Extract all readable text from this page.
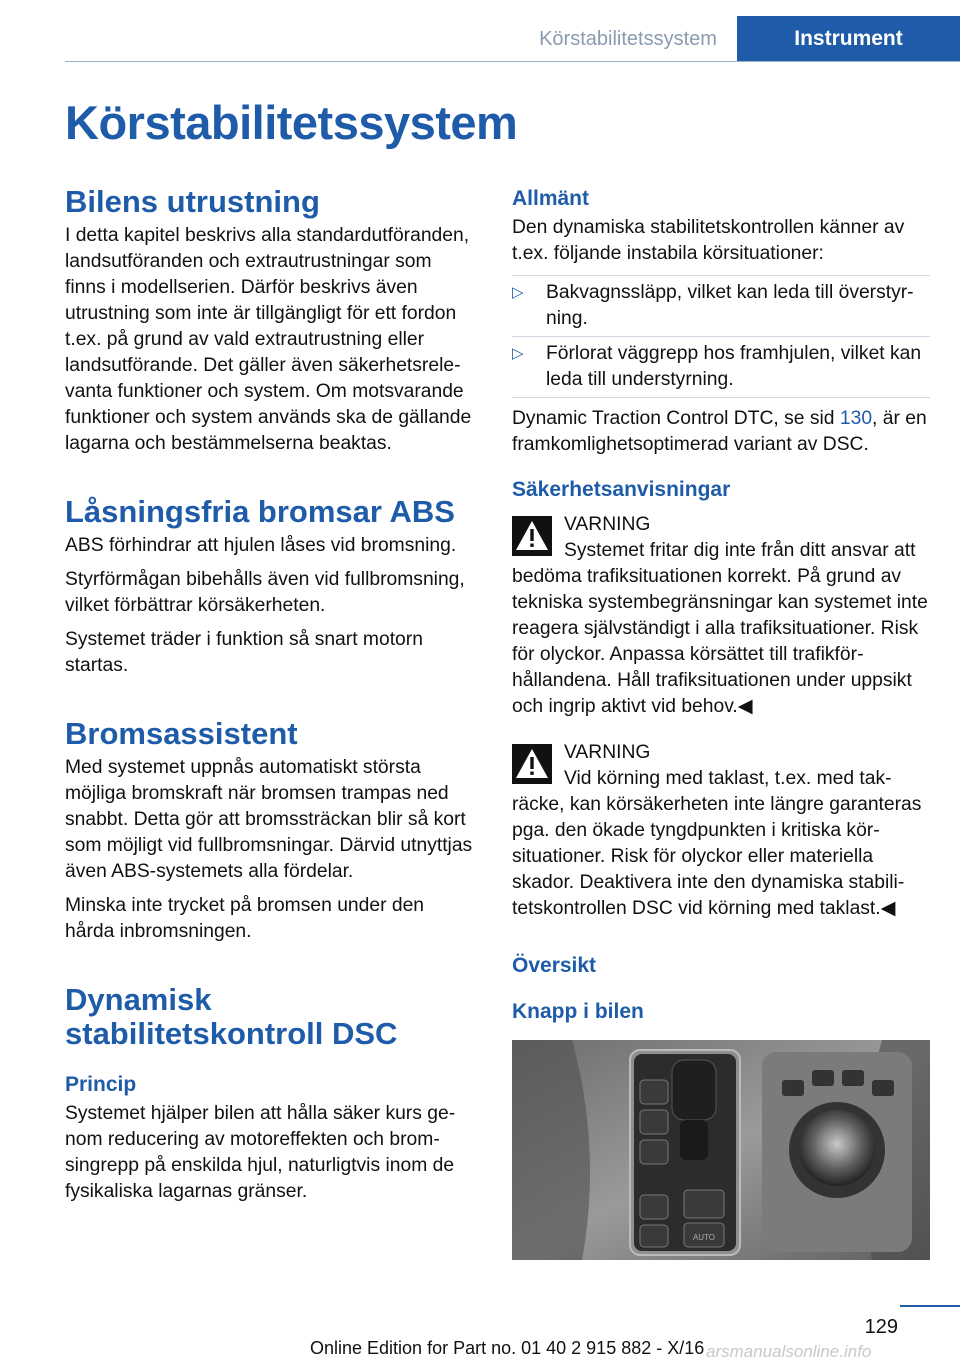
Körstabilitetssystem	Instrument
Körstabilitetssystem
Bilens utrustning

I detta kapitel beskrivs alla standardutföranden, landsutföranden och extrautrustningar som finns i modellserien. Därför beskrivs även utrustning som inte är tillgängligt för ett fordon t.ex. på grund av vald extrautrustning eller landsutförande. Det gäller även säkerhetsrelevanta funktioner och system. Om motsvarande funktioner och system används ska de gällande lagarna och bestämmelserna beaktas.

Låsningsfria bromsar ABS

ABS förhindrar att hjulen låses vid bromsning.

Styrförmågan bibehålls även vid fullbromsning, vilket förbättrar körsäkerheten.

Systemet träder i funktion så snart motorn startas.

Bromsassistent

Med systemet uppnås automatiskt största möjliga bromskraft när bromsen trampas ned snabbt. Detta gör att bromssträckan blir så kort som möjligt vid fullbromsningar. Därvid utnyttjas även ABS-systemets alla fördelar.

Minska inte trycket på bromsen under den hårda inbromsningen.

Dynamisk stabilitetskontroll DSC
Princip

Systemet hjälper bilen att hålla säker kurs genom reducering av motoreffekten och bromsingrepp på enskilda hjul, naturligtvis inom de fysikaliska lagarnas gränser.

Allmänt

Den dynamiska stabilitetskontrollen känner av t.ex. följande instabila körsituationer:

▷ Bakvagnssläpp, vilket kan leda till överstyrning.
▷ Förlorat väggrepp hos framhjulen, vilket kan leda till understyrning.

Dynamic Traction Control DTC, se sid 130, är en framkomlighetsoptimerad variant av DSC.

Säkerhetsanvisningar

VARNING

Systemet fritar dig inte från ditt ansvar att bedöma trafiksituationen korrekt. På grund av tekniska systembegränsningar kan systemet inte reagera självständigt i alla trafiksituationer. Risk för olyckor. Anpassa körsättet till trafikförhållandena. Håll trafiksituationen under uppsikt och ingrip aktivt vid behov.◀

VARNING

Vid körning med taklast, t.ex. med takräcke, kan körsäkerheten inte längre garanteras pga. den ökade tyngdpunkten i kritiska körsituationer. Risk för olyckor eller materiella skador. Deaktivera inte den dynamiska stabilitetskontrollen DSC vid körning med taklast.◀

Översikt
Knapp i bilen
AUTO
129
Online Edition for Part no. 01 40 2 915 882 - X/16 arsmanualsonline.info
